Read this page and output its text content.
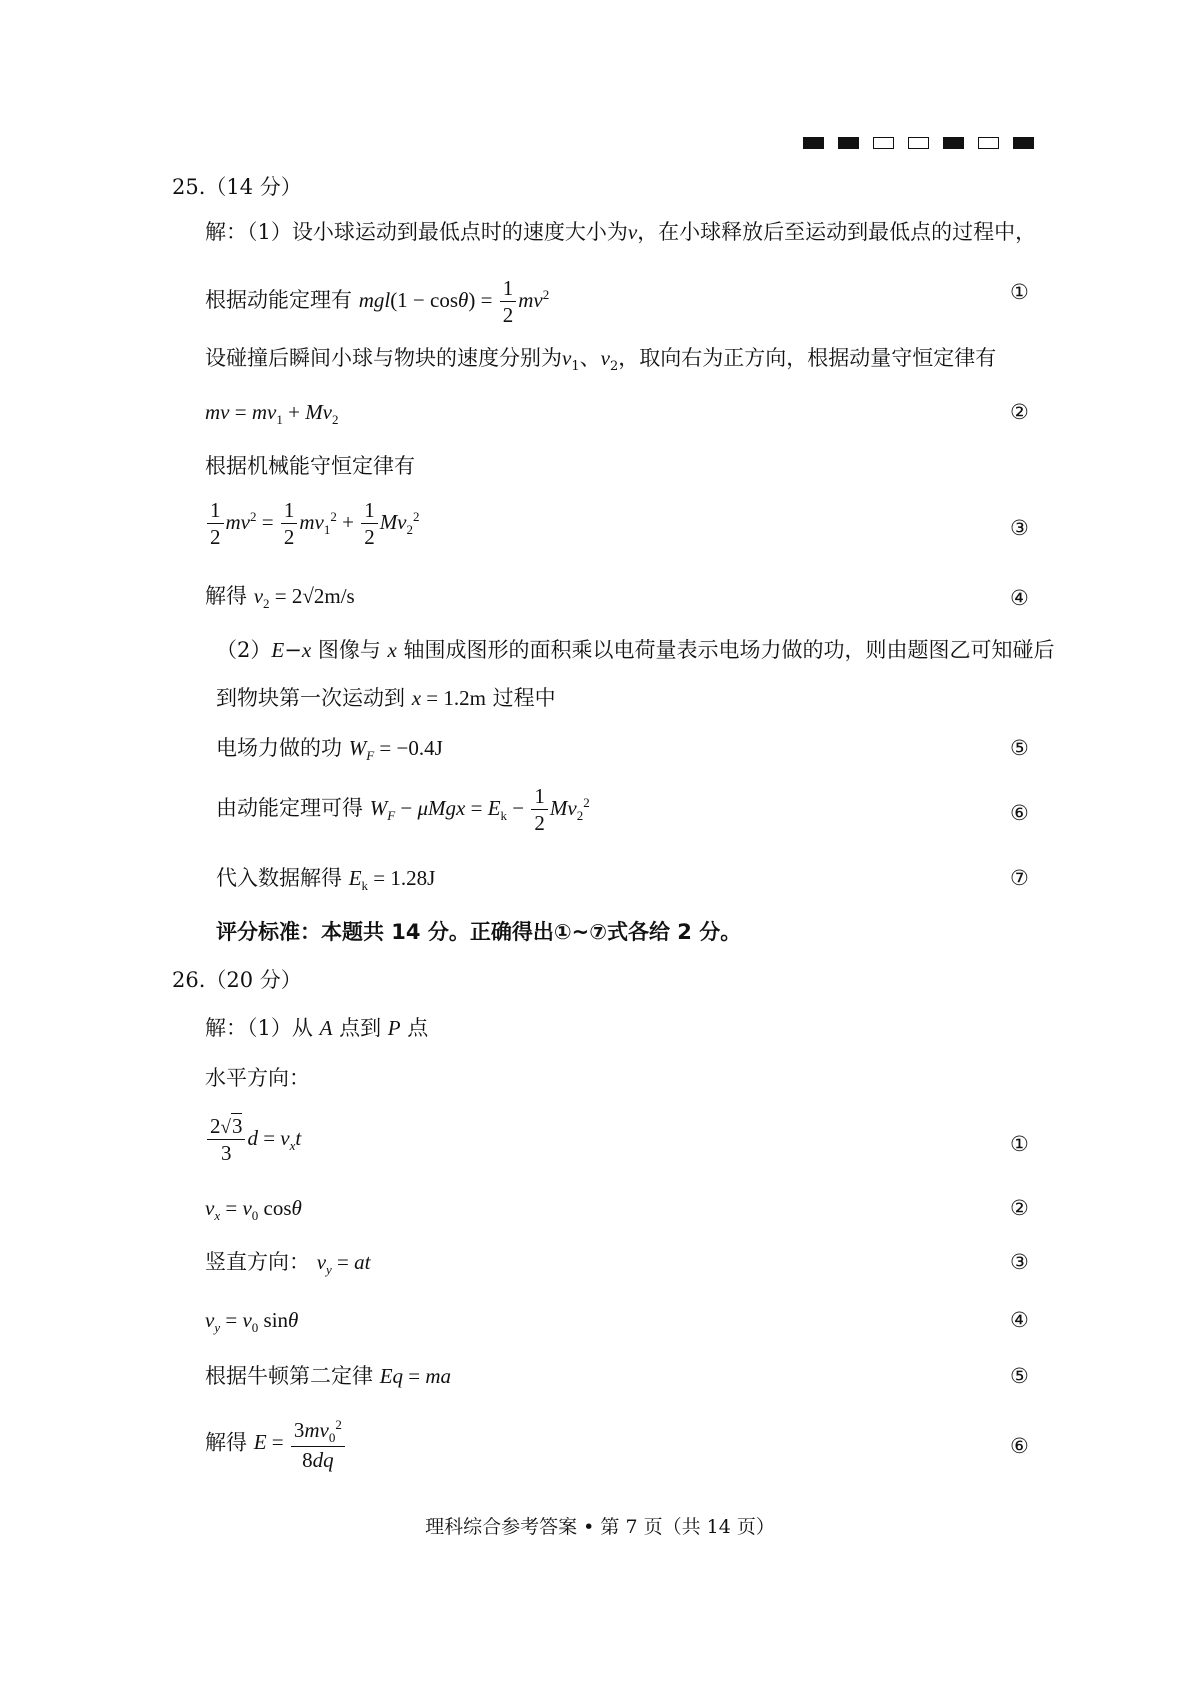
25.（14 分）
解：（1）设小球运动到最低点时的速度大小为v，在小球释放后至运动到最低点的过程中，
根据动能定理有 $mgl(1 - \cos\theta) = \frac{1}{2} mv^2$	①
设碰撞后瞬间小球与物块的速度分别为$v_1$、$v_2$，取向右为正方向，根据动量守恒定律有
mv = $mv_1 + Mv_2$	②
根据机械能守恒定律有
$\frac{1}{2} mv^2 = \frac{1}{2} mv_1^2 + \frac{1}{2} Mv_2^2$	③
解得 $v_2 = 2√2m/s$	④
（2）E−x 图像与 x 轴围成图形的面积乘以电荷量表示电场力做的功，则由题图乙可知碰后
到物块第一次运动到 x = 1.2m 过程中
电场力做的功 $W_F = -0.4J$	⑤
由动能定理可得 $W_F - \mu Mgx = E_k - \frac{1}{2} Mv_2^2$	⑥
代入数据解得 $E_k = 1.28J$	⑦
评分标准：本题共 14 分。正确得出①~⑦式各给 2 分。
26.（20 分）
解：（1）从 A 点到 P 点
水平方向：
$\frac{2√3}{3}$ $d = v_xt$	①
$v_x = v_0$ cosθ	②
竖直方向： $v_y$ = at	③
$v_y = v_0$ sinθ	④
根据牛顿第二定律 Eq = ma	⑤
解得 $E = \frac{3mv_0^2}{8dq}$	⑥
理科综合参考答案 • 第 7 页（共 14 页）
